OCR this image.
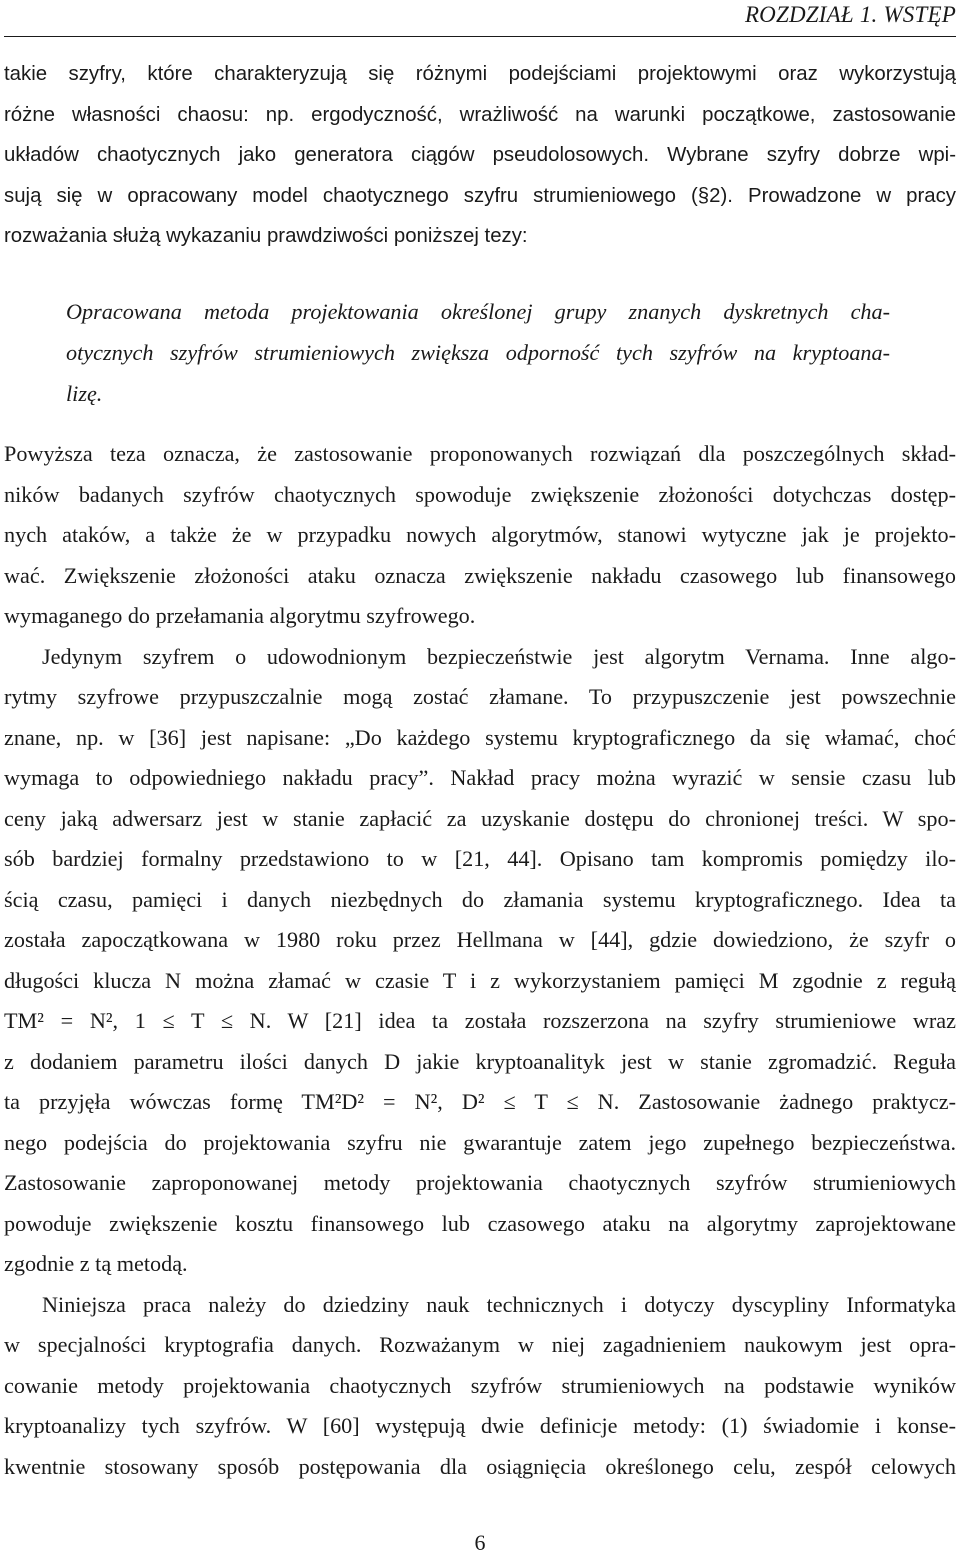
ROZDZIAŁ 1. WSTĘP
takie szyfry, które charakteryzują się różnymi podejściami projektowymi oraz wykorzystują
różne własności chaosu: np. ergodyczność, wrażliwość na warunki początkowe, zastosowanie
układów chaotycznych jako generatora ciągów pseudolosowych. Wybrane szyfry dobrze wpi-
sują się w opracowany model chaotycznego szyfru strumieniowego (§2). Prowadzone w pracy
rozważania służą wykazaniu prawdziwości poniższej tezy:
Opracowana metoda projektowania określonej grupy znanych dyskretnych cha-
otycznych szyfrów strumieniowych zwiększa odporność tych szyfrów na kryptoana-
lizę.
Powyższa teza oznacza, że zastosowanie proponowanych rozwiązań dla poszczególnych skład-
ników badanych szyfrów chaotycznych spowoduje zwiększenie złożoności dotychczas dostęp-
nych ataków, a także że w przypadku nowych algorytmów, stanowi wytyczne jak je projekto-
wać. Zwiększenie złożoności ataku oznacza zwiększenie nakładu czasowego lub finansowego
wymaganego do przełamania algorytmu szyfrowego.
Jedynym szyfrem o udowodnionym bezpieczeństwie jest algorytm Vernama. Inne algo-
rytmy szyfrowe przypuszczalnie mogą zostać złamane. To przypuszczenie jest powszechnie
znane, np. w [36] jest napisane: „Do każdego systemu kryptograficznego da się włamać, choć
wymaga to odpowiedniego nakładu pracy”. Nakład pracy można wyrazić w sensie czasu lub
ceny jaką adwersarz jest w stanie zapłacić za uzyskanie dostępu do chronionej treści. W spo-
sób bardziej formalny przedstawiono to w [21, 44]. Opisano tam kompromis pomiędzy ilo-
ścią czasu, pamięci i danych niezbędnych do złamania systemu kryptograficznego. Idea ta
została zapoczątkowana w 1980 roku przez Hellmana w [44], gdzie dowiedziono, że szyfr o
długości klucza N można złamać w czasie T i z wykorzystaniem pamięci M zgodnie z regułą
TM² = N², 1 ≤ T ≤ N. W [21] idea ta została rozszerzona na szyfry strumieniowe wraz
z dodaniem parametru ilości danych D jakie kryptoanalityk jest w stanie zgromadzić. Reguła
ta przyjęła wówczas formę TM²D² = N², D² ≤ T ≤ N. Zastosowanie żadnego praktycz-
nego podejścia do projektowania szyfru nie gwarantuje zatem jego zupełnego bezpieczeństwa.
Zastosowanie zaproponowanej metody projektowania chaotycznych szyfrów strumieniowych
powoduje zwiększenie kosztu finansowego lub czasowego ataku na algorytmy zaprojektowane
zgodnie z tą metodą.
Niniejsza praca należy do dziedziny nauk technicznych i dotyczy dyscypliny Informatyka
w specjalności kryptografia danych. Rozważanym w niej zagadnieniem naukowym jest opra-
cowanie metody projektowania chaotycznych szyfrów strumieniowych na podstawie wyników
kryptoanalizy tych szyfrów. W [60] występują dwie definicje metody: (1) świadomie i konse-
kwentnie stosowany sposób postępowania dla osiągnięcia określonego celu, zespół celowych
6
